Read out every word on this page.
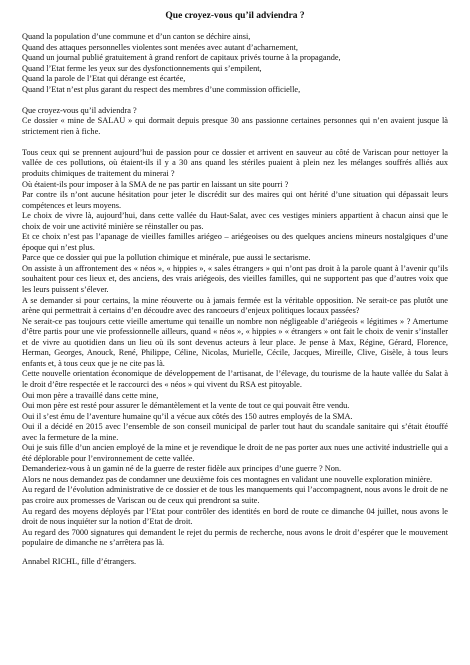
Que croyez-vous qu’il adviendra ?
Quand la population d’une commune et d’un canton se déchire ainsi,
Quand des attaques personnelles violentes sont menées avec autant d’acharnement,
Quand un journal publié gratuitement à grand renfort de capitaux privés tourne à la propagande,
Quand l’Etat ferme les yeux sur des dysfonctionnements qui s’empilent,
Quand la parole de l’Etat qui dérange est écartée,
Quand l’Etat n’est plus garant du respect des membres d’une commission officielle,

Que croyez-vous qu’il adviendra ?

Ce dossier « mine de SALAU » qui dormait depuis presque 30 ans passionne certaines personnes qui n’en avaient jusque là strictement rien à fiche.

Tous ceux qui se prennent aujourd’hui de passion pour ce dossier et arrivent en sauveur au côté de Variscan pour nettoyer la vallée de ces pollutions, où étaient-ils il y a 30 ans quand les stériles puaient à plein nez les mélanges souffrés alliés aux produits chimiques de traitement du minerai ?

Où étaient-ils pour imposer à la SMA de ne pas partir en laissant un site pourri ?

Par contre ils n’ont aucune hésitation pour jeter le discrédit sur des maires qui ont hérité d’une situation qui dépassait leurs compétences et leurs moyens.

Le choix de vivre là, aujourd’hui, dans cette vallée du Haut-Salat, avec ces vestiges miniers appartient à chacun ainsi que le choix de voir une activité minière se réinstaller ou pas.

Et ce choix n’est pas l’apanage de vieilles familles ariégeo – ariégeoises ou des quelques anciens mineurs nostalgiques d’une époque qui n’est plus.

Parce que ce dossier qui pue la pollution chimique et minérale, pue aussi le sectarisme.

On assiste à un affrontement des « néos », « hippies », « sales étrangers » qui n’ont pas droit à la parole quant à l’avenir qu’ils souhaitent pour ces lieux et, des anciens, des vrais ariégeois, des vieilles familles, qui ne supportent pas que d’autres voix que les leurs puissent s’élever.

A se demander si pour certains, la mine réouverte ou à jamais fermée est la véritable opposition. Ne serait-ce pas plutôt une arène qui permettrait à certains d’en découdre avec des rancoeurs d’enjeux politiques locaux passées?

Ne serait-ce pas toujours cette vieille amertume qui tenaille un nombre non négligeable d’ariégeois « légitimes » ? Amertume d’être partis pour une vie professionnelle ailleurs, quand « néos », « hippies » « étrangers » ont fait le choix de venir s’installer et de vivre au quotidien dans un lieu où ils sont devenus acteurs à leur place. Je pense à Max, Régine, Gérard, Florence, Herman, Georges, Anouck, René, Philippe, Céline, Nicolas, Murielle, Cécile, Jacques, Mireille, Clive, Gisèle, à tous leurs enfants et, à tous ceux que je ne cite pas là.

Cette nouvelle orientation économique de développement de l’artisanat, de l’élevage, du tourisme de la haute vallée du Salat à le droit d’être respectée et le raccourci des « néos » qui vivent du RSA est pitoyable.

Oui mon père a travaillé dans cette mine,

Oui mon père est resté pour assurer le démantèlement et la vente de tout ce qui pouvait être vendu.

Oui il s’est ému de l’aventure humaine qu’il a vécue aux côtés des 150 autres employés de la SMA.

Oui il a décidé en 2015 avec l’ensemble de son conseil municipal de parler tout haut du scandale sanitaire qui s’était étouffé avec la fermeture de la mine.

Oui je suis fille d’un ancien employé de la mine et je revendique le droit de ne pas porter aux nues une activité industrielle qui a été déplorable pour l’environnement de cette vallée.

Demanderiez-vous à un gamin né de la guerre de rester fidèle aux principes d’une guerre ? Non.

Alors ne nous demandez pas de condamner une deuxième fois ces montagnes en validant une nouvelle exploration minière.

Au regard de l’évolution administrative de ce dossier et de tous les manquements qui l’accompagnent, nous avons le droit de ne pas croire aux promesses de Variscan ou de ceux qui prendront sa suite.

Au regard des moyens déployés par l’Etat pour contrôler des identités en bord de route ce dimanche 04 juillet, nous avons le droit de nous inquiéter sur la notion d’Etat de droit.

Au regard des 7000 signatures qui demandent le rejet du permis de recherche, nous avons le droit d’espérer que le mouvement populaire de dimanche ne s’arrêtera pas là.

Annabel RICHL, fille d’étrangers.
